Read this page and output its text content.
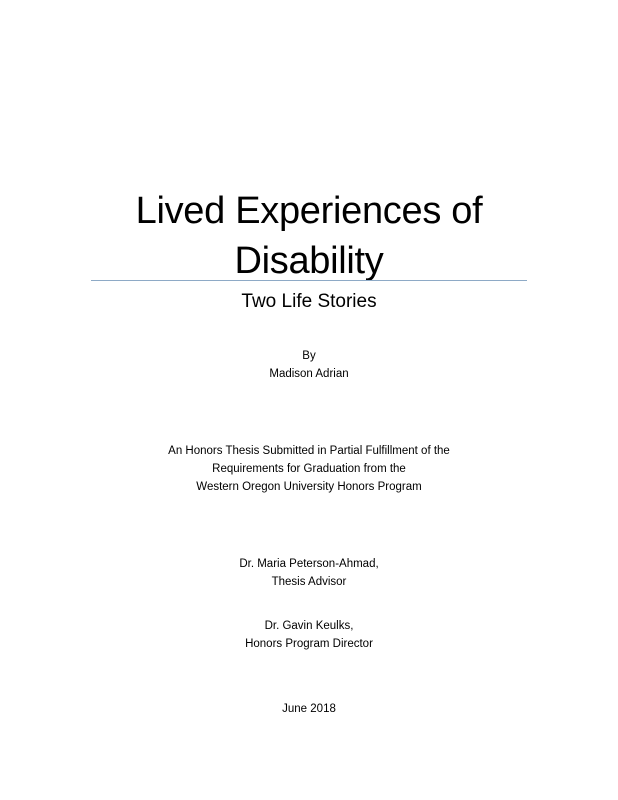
Lived Experiences of
Disability
Two Life Stories
By
Madison Adrian
An Honors Thesis Submitted in Partial Fulfillment of the
Requirements for Graduation from the
Western Oregon University Honors Program
Dr. Maria Peterson-Ahmad,
Thesis Advisor
Dr. Gavin Keulks,
Honors Program Director
June 2018
